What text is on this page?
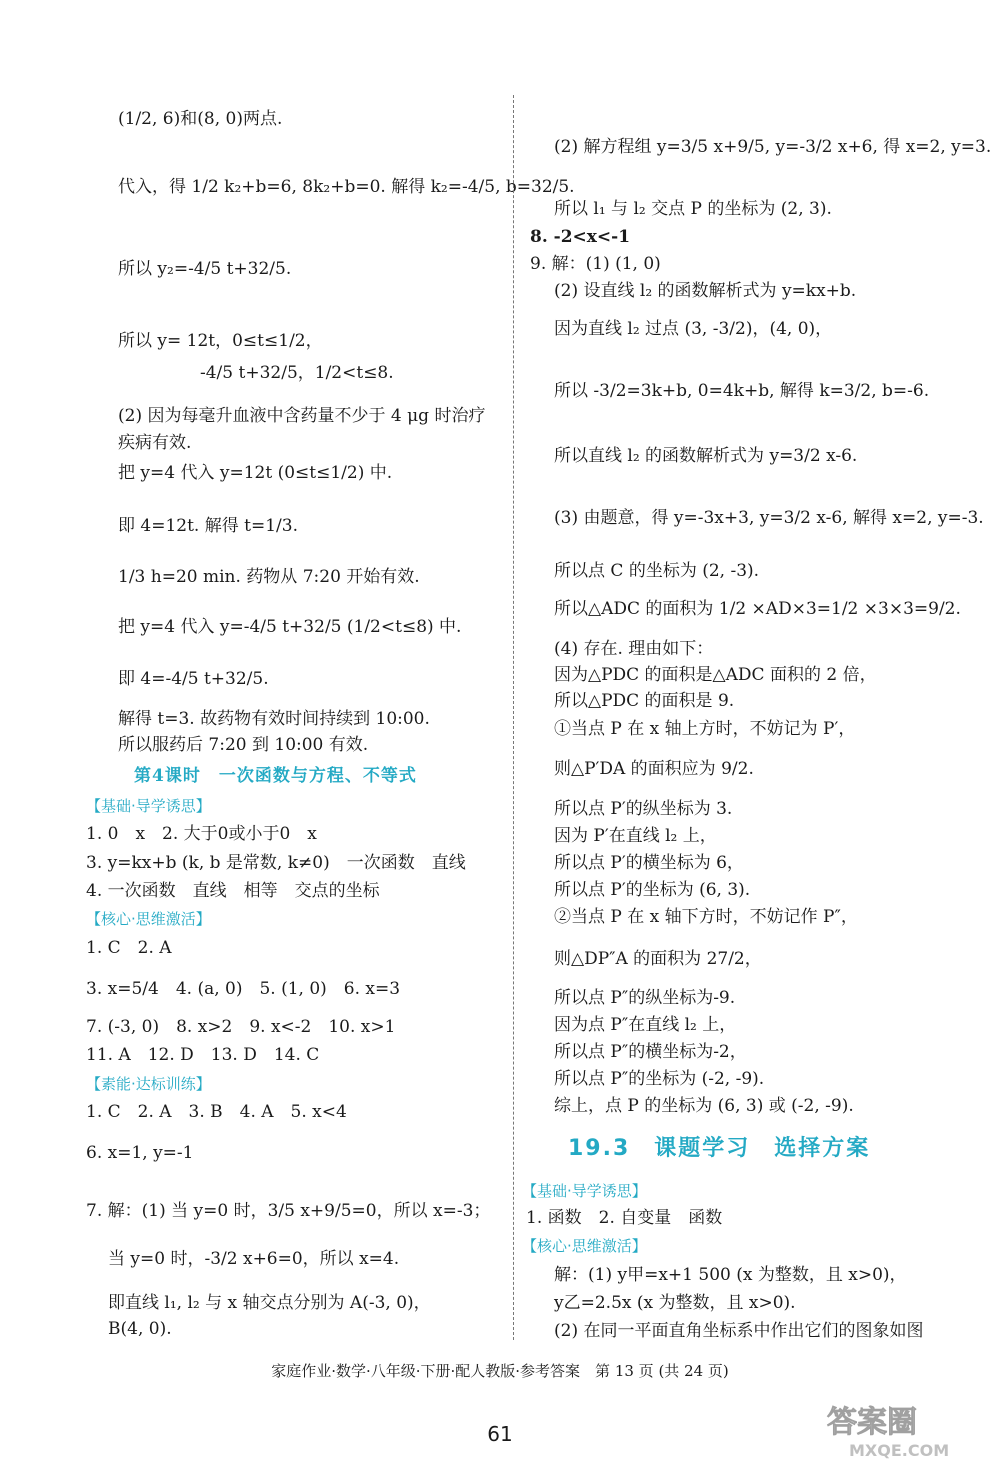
(1/2, 6)和(8, 0)两点.
代入，得 1/2 k₂+b=6, 8k₂+b=0. 解得 k₂=-4/5, b=32/5.
所以 y₂=-4/5 t+32/5.
所以 y= 12t，0≤t≤1/2，
-4/5 t+32/5，1/2<t≤8.
(2) 因为每毫升血液中含药量不少于 4 μg 时治疗
疾病有效.
把 y=4 代入 y=12t (0≤t≤1/2) 中.
即 4=12t. 解得 t=1/3.
1/3 h=20 min. 药物从 7:20 开始有效.
把 y=4 代入 y=-4/5 t+32/5 (1/2<t≤8) 中.
即 4=-4/5 t+32/5.
解得 t=3. 故药物有效时间持续到 10:00.
所以服药后 7:20 到 10:00 有效.
第4课时　一次函数与方程、不等式
【基础·导学诱思】
1. 0　x　2. 大于0或小于0　x
3. y=kx+b (k, b 是常数, k≠0)　一次函数　直线
4. 一次函数　直线　相等　交点的坐标
【核心·思维激活】
1. C　2. A
3. x=5/4　4. (a, 0)　5. (1, 0)　6. x=3
7. (-3, 0)　8. x>2　9. x<-2　10. x>1
11. A　12. D　13. D　14. C
【素能·达标训练】
1. C　2. A　3. B　4. A　5. x<4
6. x=1, y=-1
7. 解：(1) 当 y=0 时，3/5 x+9/5=0，所以 x=-3；
当 y=0 时，-3/2 x+6=0，所以 x=4.
即直线 l₁, l₂ 与 x 轴交点分别为 A(-3, 0)，
B(4, 0).
(2) 解方程组 y=3/5 x+9/5, y=-3/2 x+6, 得 x=2, y=3.
所以 l₁ 与 l₂ 交点 P 的坐标为 (2, 3).
8. -2<x<-1
9. 解：(1) (1, 0)
(2) 设直线 l₂ 的函数解析式为 y=kx+b.
因为直线 l₂ 过点 (3, -3/2)，(4, 0)，
所以 -3/2=3k+b, 0=4k+b, 解得 k=3/2, b=-6.
所以直线 l₂ 的函数解析式为 y=3/2 x-6.
(3) 由题意，得 y=-3x+3, y=3/2 x-6, 解得 x=2, y=-3.
所以点 C 的坐标为 (2, -3).
所以△ADC 的面积为 1/2 ×AD×3=1/2 ×3×3=9/2.
(4) 存在. 理由如下：
因为△PDC 的面积是△ADC 面积的 2 倍，
所以△PDC 的面积是 9.
①当点 P 在 x 轴上方时，不妨记为 P′，
则△P′DA 的面积应为 9/2.
所以点 P′的纵坐标为 3.
因为 P′在直线 l₂ 上，
所以点 P′的横坐标为 6，
所以点 P′的坐标为 (6, 3).
②当点 P 在 x 轴下方时，不妨记作 P″，
则△DP″A 的面积为 27/2，
所以点 P″的纵坐标为-9.
因为点 P″在直线 l₂ 上，
所以点 P″的横坐标为-2，
所以点 P″的坐标为 (-2, -9).
综上，点 P 的坐标为 (6, 3) 或 (-2, -9).
19.3　课题学习　选择方案
【基础·导学诱思】
1. 函数　2. 自变量　函数
【核心·思维激活】
解：(1) y甲=x+1 500 (x 为整数，且 x>0)，
y乙=2.5x (x 为整数，且 x>0).
(2) 在同一平面直角坐标系中作出它们的图象如图
家庭作业·数学·八年级·下册·配人教版·参考答案　第 13 页 (共 24 页)
61	答案圈
MXQE.COM
